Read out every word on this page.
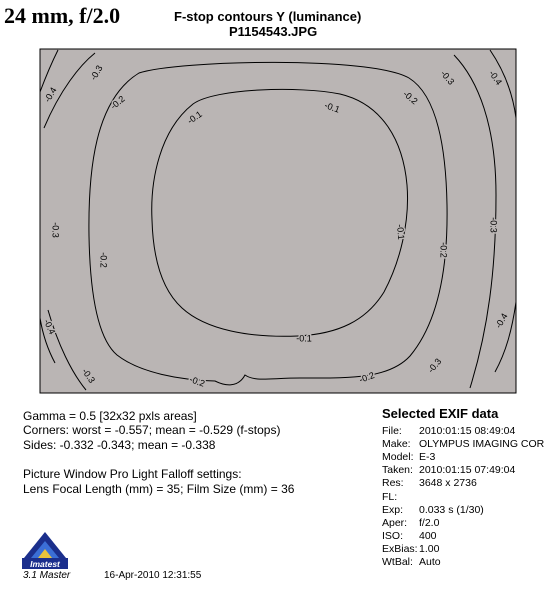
24 mm, f/2.0	F-stop contours Y (luminance)
P1154543.JPG
-0.1
-0.1
-0.1
-0.1
-0.2	-0.2
-0.2
-0.2
-0.2
-0.2
-0.3	-0.3
-0.3
-0.3
-0.3
-0.3
-0.4
-0.4
-0.4	-0.4
Gamma = 0.5 [32x32 pxls areas]
Corners: worst = -0.557; mean = -0.529 (f-stops)
Sides: -0.332 -0.343; mean = -0.338
Picture Window Pro Light Falloff settings:
Lens Focal Length (mm) = 35; Film Size (mm) = 36
Selected EXIF data
File: 2010:01:15 08:49:04
Make: OLYMPUS IMAGING COR
Model: E-3
Taken: 2010:01:15 07:49:04
Res: 3648 x 2736
FL:
Exp: 0.033 s (1/30)
Aper: f/2.0
ISO: 400
ExBias:1.00
WtBal: Auto
Imatest
3.1 Master	16-Apr-2010 12:31:55
